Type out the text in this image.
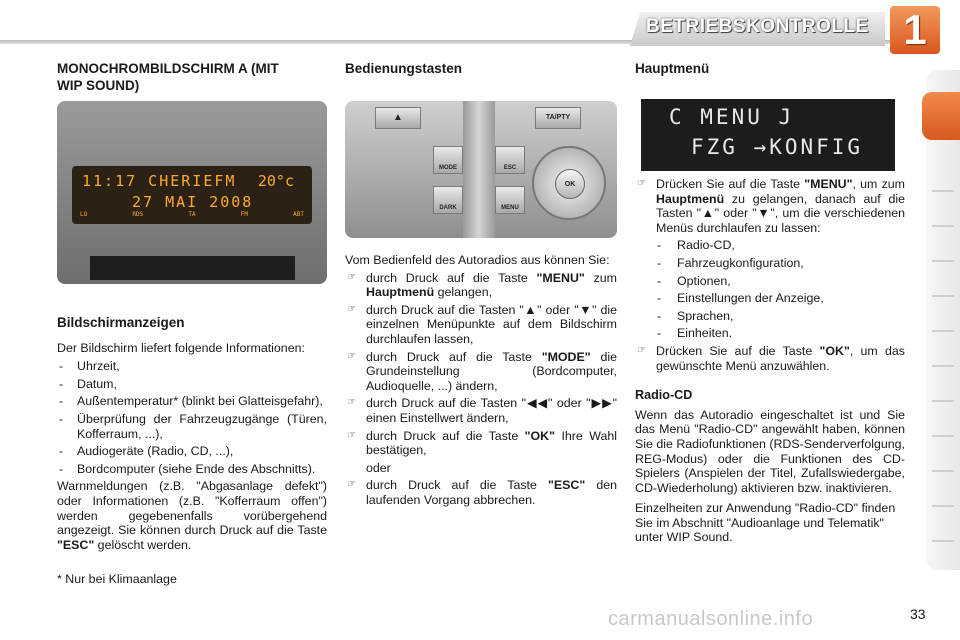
BETRIEBSKONTROLLE 1
MONOCHROMBILDSCHIRM A (MIT WIP SOUND)
Bildschirmanzeigen

Der Bildschirm liefert folgende Informationen:

- Uhrzeit,
- Datum,
- Außentemperatur* (blinkt bei Glatteisgefahr),
- Überprüfung der Fahrzeugzugänge (Türen, Kofferraum, ...),
- Audiogeräte (Radio, CD, ...),
- Bordcomputer (siehe Ende des Abschnitts).

Warnmeldungen (z.B. "Abgasanlage defekt") oder Informationen (z.B. "Kofferraum offen") werden gegebenenfalls vorübergehend angezeigt. Sie können durch Druck auf die Taste "ESC" gelöscht werden.

* Nur bei Klimaanlage

11:17 CHERIEFM 20°c
27 MAI 2008
LO	RDS	TA	FM	ABT
Bedienungstasten

Vom Bedienfeld des Autoradios aus können Sie:

☞ durch Druck auf die Taste "MENU" zum Hauptmenü gelangen,
☞ durch Druck auf die Tasten "▲" oder "▼" die einzelnen Menüpunkte auf dem Bildschirm durchlaufen lassen,
☞ durch Druck auf die Taste "MODE" die Grundeinstellung (Bordcomputer, Audioquelle, ...) ändern,
☞ durch Druck auf die Tasten "◀◀" oder "▶▶" einen Einstellwert ändern,
☞ durch Druck auf die Taste "OK" Ihre Wahl bestätigen,

oder

☞ durch Druck auf die Taste "ESC" den laufenden Vorgang abbrechen.
▲	TA/PTY
MODE	ESC
DARK	MENU
OK
Hauptmenü
☞ Drücken Sie auf die Taste "MENU", um zum Hauptmenü zu gelangen, danach auf die Tasten "▲" oder "▼", um die verschiedenen Menüs durchlaufen zu lassen:
- Radio-CD,
- Fahrzeugkonfiguration,
- Optionen,
- Einstellungen der Anzeige,
- Sprachen,
- Einheiten.
☞ Drücken Sie auf die Taste "OK", um das gewünschte Menü anzuwählen.
Radio-CD

Wenn das Autoradio eingeschaltet ist und Sie das Menü "Radio-CD" angewählt haben, können Sie die Radiofunktionen (RDS-Senderverfolgung, REG-Modus) oder die Funktionen des CD-Spielers (Anspielen der Titel, Zufallswiedergabe, CD-Wiederholung) aktivieren bzw. inaktivieren.

Einzelheiten zur Anwendung "Radio-CD" finden Sie im Abschnitt "Audioanlage und Telematik" unter WIP Sound.

C MENU J
FZG →KONFIG
carmanualsonline.info	33
